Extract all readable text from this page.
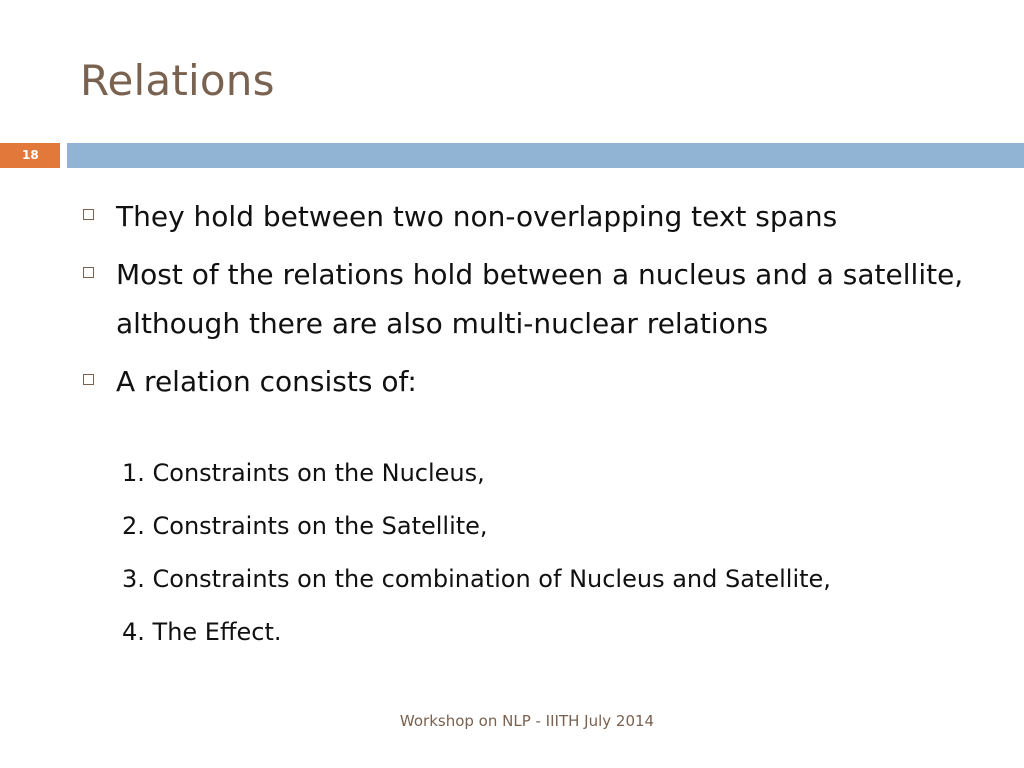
Relations
18
They hold between two non-overlapping text spans
Most of the relations hold between a nucleus and a satellite, although there are also multi-nuclear relations
A relation consists of:
1. Constraints on the Nucleus,
2. Constraints on the Satellite,
3. Constraints on the combination of Nucleus and Satellite,
4. The Effect.
Workshop on NLP - IIITH July 2014
